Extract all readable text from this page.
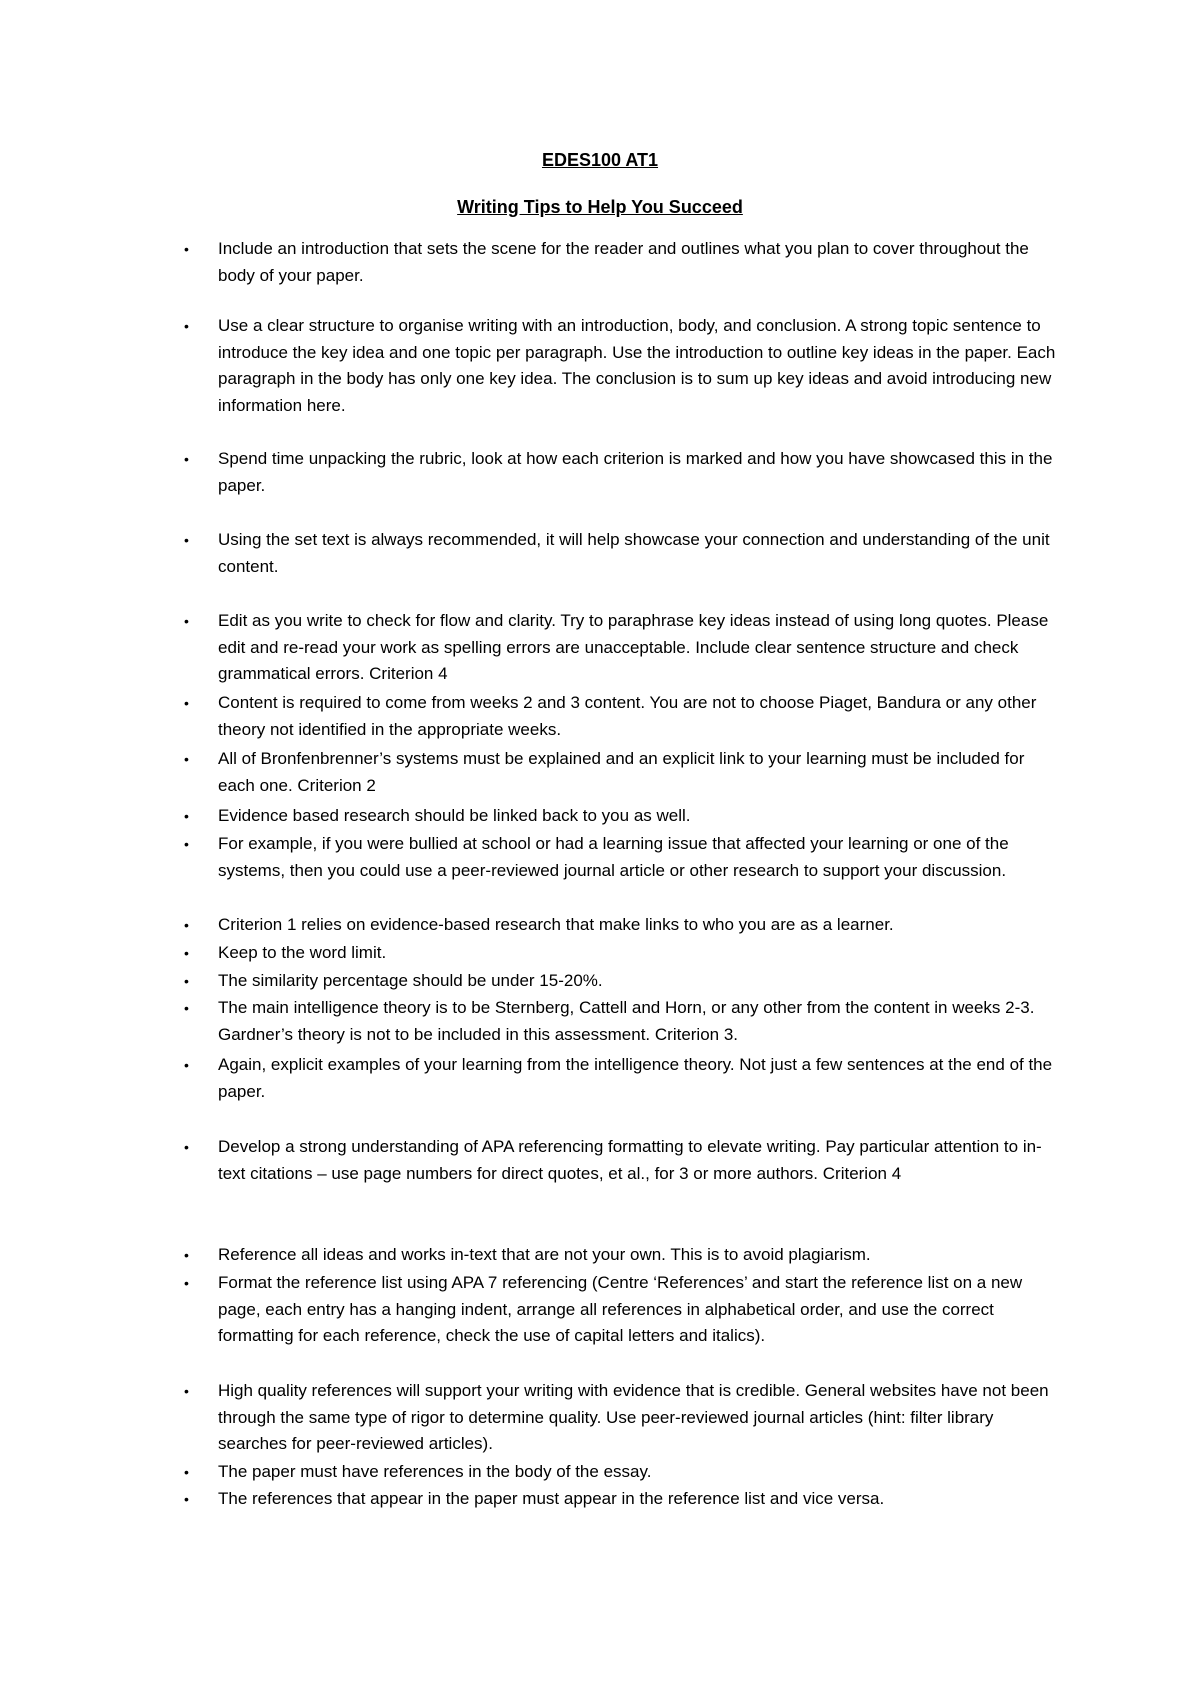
EDES100 AT1
Writing Tips to Help You Succeed
•	Include an introduction that sets the scene for the reader and outlines what you plan to cover throughout the body of your paper.
•	Use a clear structure to organise writing with an introduction, body, and conclusion. A strong topic sentence to introduce the key idea and one topic per paragraph. Use the introduction to outline key ideas in the paper. Each paragraph in the body has only one key idea. The conclusion is to sum up key ideas and avoid introducing new information here.
•	Spend time unpacking the rubric, look at how each criterion is marked and how you have showcased this in the paper.
•	Using the set text is always recommended, it will help showcase your connection and understanding of the unit content.
•	Edit as you write to check for flow and clarity. Try to paraphrase key ideas instead of using long quotes. Please edit and re-read your work as spelling errors are unacceptable. Include clear sentence structure and check grammatical errors. Criterion 4
•	Content is required to come from weeks 2 and 3 content. You are not to choose Piaget, Bandura or any other theory not identified in the appropriate weeks.
•	All of Bronfenbrenner’s systems must be explained and an explicit link to your learning must be included for each one. Criterion 2
•	Evidence based research should be linked back to you as well.
•	For example, if you were bullied at school or had a learning issue that affected your learning or one of the systems, then you could use a peer-reviewed journal article or other research to support your discussion.
•	Criterion 1 relies on evidence-based research that make links to who you are as a learner.
•	Keep to the word limit.
•	The similarity percentage should be under 15-20%.
•	The main intelligence theory is to be Sternberg, Cattell and Horn, or any other from the content in weeks 2-3. Gardner’s theory is not to be included in this assessment. Criterion 3.
•	Again, explicit examples of your learning from the intelligence theory. Not just a few sentences at the end of the paper.
•	Develop a strong understanding of APA referencing formatting to elevate writing. Pay particular attention to in-text citations – use page numbers for direct quotes, et al., for 3 or more authors. Criterion 4
•	Reference all ideas and works in-text that are not your own. This is to avoid plagiarism.
•	Format the reference list using APA 7 referencing (Centre ‘References’ and start the reference list on a new page, each entry has a hanging indent, arrange all references in alphabetical order, and use the correct formatting for each reference, check the use of capital letters and italics).
•	High quality references will support your writing with evidence that is credible. General websites have not been through the same type of rigor to determine quality. Use peer-reviewed journal articles (hint: filter library searches for peer-reviewed articles).
•	The paper must have references in the body of the essay.
•	The references that appear in the paper must appear in the reference list and vice versa.
